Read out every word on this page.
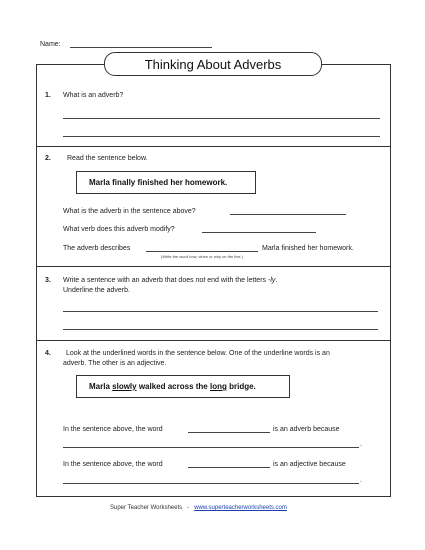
Name:
Thinking About Adverbs
1. What is an adverb?
2. Read the sentence below.
Marla finally finished her homework.
What is the adverb in the sentence above?
What verb does this adverb modify?
The adverb describes	Marla finished her homework.
(Write the word how, when or why on the line.)
3. Write a sentence with an adverb that does not end with the letters -ly.
Underline the adverb.
4. Look at the underlined words in the sentence below. One of the underline words is an
adverb. The other is an adjective.
Marla
slowly
walked across the
long
bridge.
In the sentence above, the word	is an adverb because
.
In the sentence above, the word	is an adjective because
.
Super Teacher Worksheets - www.superteacherworksheets.com
